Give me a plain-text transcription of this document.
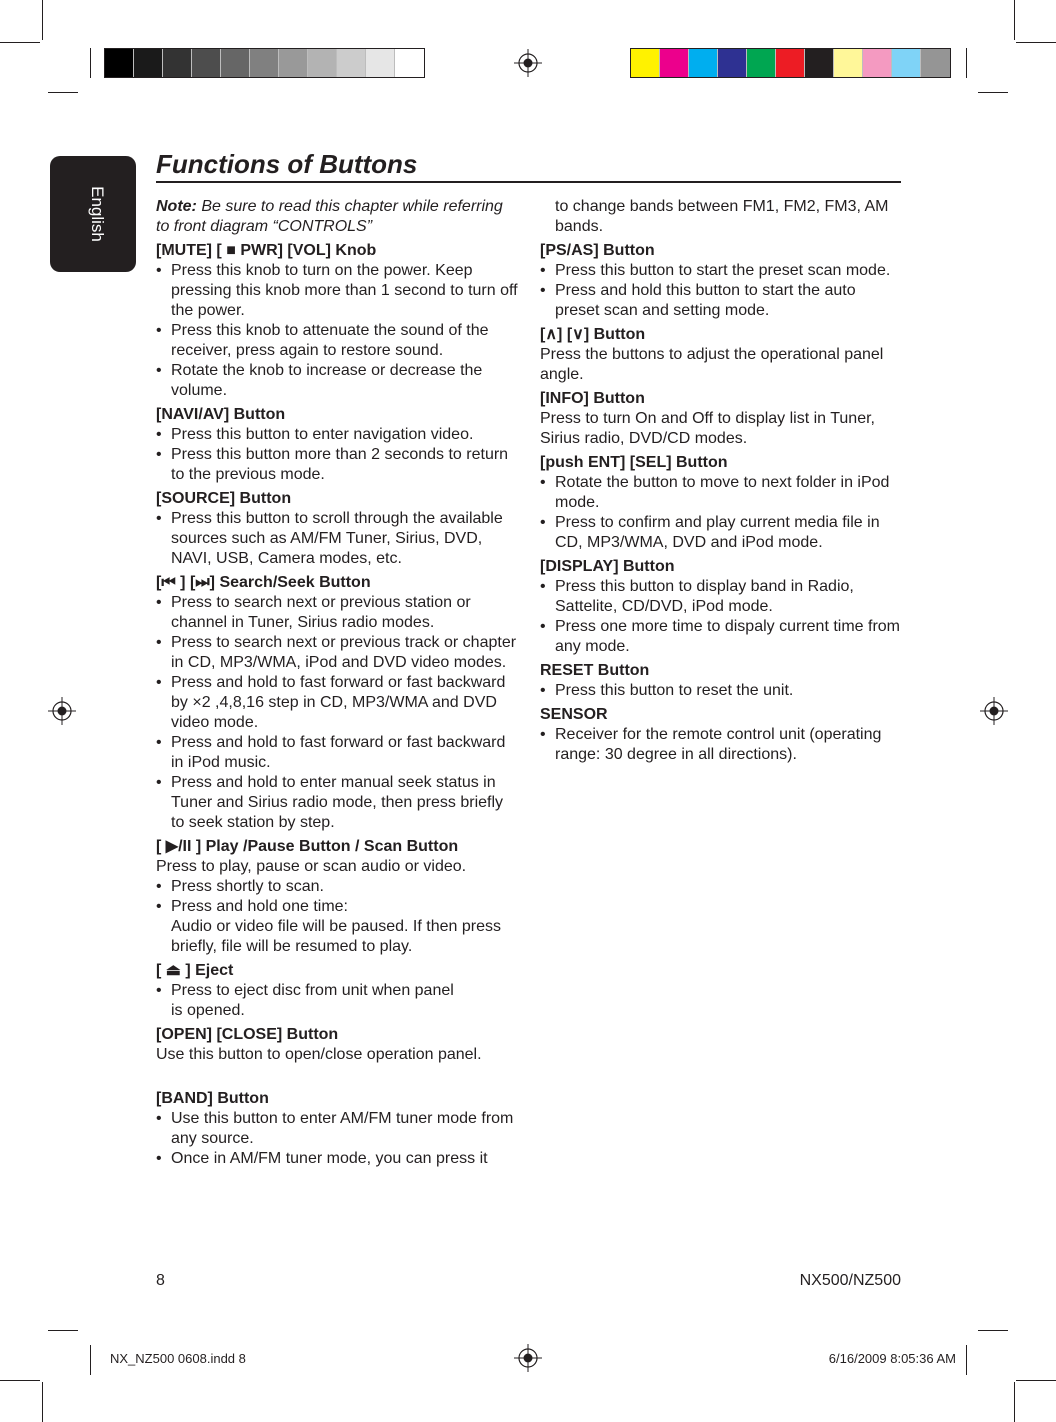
English
Functions of Buttons

Note: Be sure to read this chapter while referring to front diagram “CONTROLS”

[MUTE] [ ■ PWR] [VOL] Knob

• Press this knob to turn on the power. Keep pressing this knob more than 1 second to turn off the power.

• Press this knob to attenuate the sound of the receiver, press again to restore sound.

• Rotate the knob to increase or decrease the volume.

[NAVI/AV] Button

• Press this button to enter navigation video.

• Press this button more than 2 seconds to return to the previous mode.

[SOURCE] Button

• Press this button to scroll through the available sources such as AM/FM Tuner, Sirius, DVD, NAVI, USB, Camera modes, etc.

[⏮ ] [⏭] Search/Seek Button

• Press to search next or previous station or channel in Tuner, Sirius radio modes.

• Press to search next or previous track or chapter in CD, MP3/WMA, iPod and DVD video modes.

• Press and hold to fast forward or fast backward by ×2 ,4,8,16 step in CD, MP3/WMA and DVD video mode.

• Press and hold to fast forward or fast backward in iPod music.

• Press and hold to enter manual seek status in Tuner and Sirius radio mode, then press briefly to seek station by step.

[ ▶/II ] Play /Pause Button / Scan Button

Press to play, pause or scan audio or video.

• Press shortly to scan.

• Press and hold one time:

Audio or video file will be paused. If then press briefly, file will be resumed to play.

[ ⏏ ] Eject

• Press to eject disc from unit when panel

is opened.

[OPEN] [CLOSE] Button

Use this button to open/close operation panel.

[BAND] Button

• Use this button to enter AM/FM tuner mode from any source.

• Once in AM/FM tuner mode, you can press it

to change bands between FM1, FM2, FM3, AM bands.

[PS/AS] Button

• Press this button to start the preset scan mode.

• Press and hold this button to start the auto preset scan and setting mode.

[∧] [∨] Button

Press the buttons to adjust the operational panel angle.

[INFO] Button

Press to turn On and Off to display list in Tuner, Sirius radio, DVD/CD modes.

[push ENT] [SEL] Button

• Rotate the button to move to next folder in iPod mode.

• Press to confirm and play current media file in CD, MP3/WMA, DVD and iPod mode.

[DISPLAY] Button

• Press this button to display band in Radio, Sattelite, CD/DVD, iPod mode.

• Press one more time to dispaly current time from any mode.

RESET Button

• Press this button to reset the unit.

SENSOR

• Receiver for the remote control unit (operating range: 30 degree in all directions).

8	NX500/NZ500
NX_NZ500 0608.indd 8	6/16/2009 8:05:36 AM
